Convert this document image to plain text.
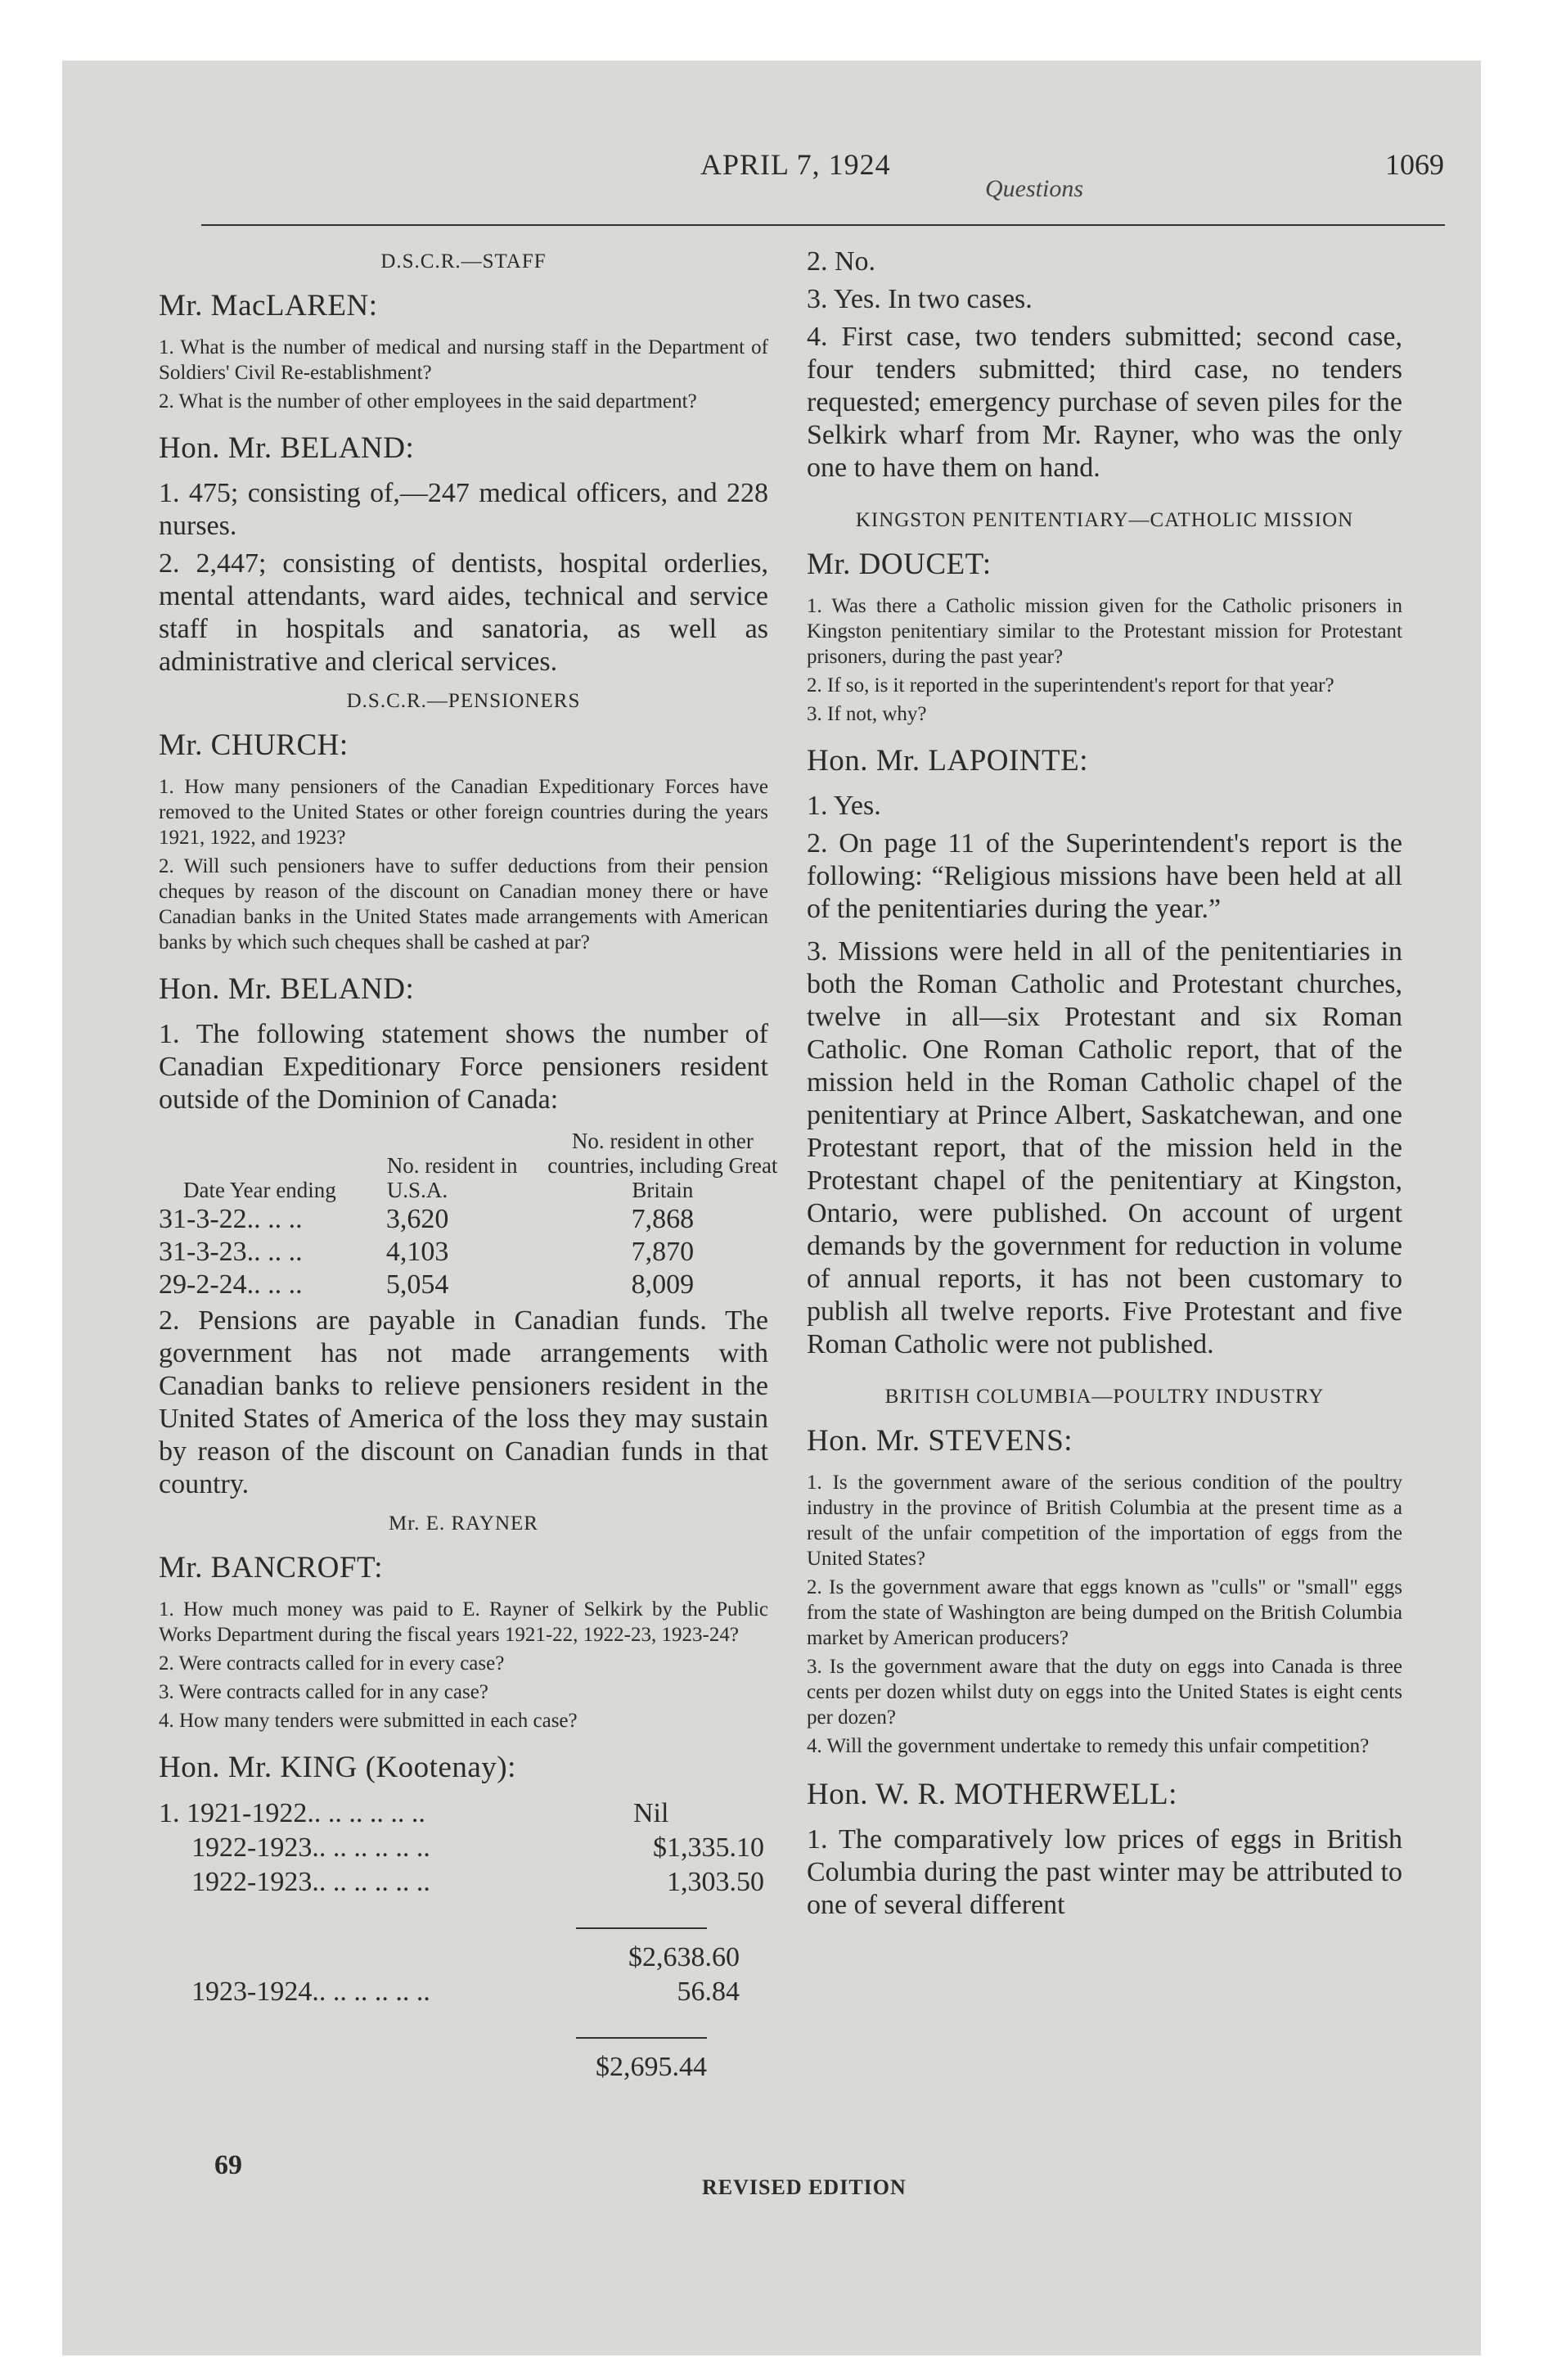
APRIL 7, 1924
Questions
1069
D.S.C.R.—STAFF
Mr. MacLAREN:

1. What is the number of medical and nursing staff in the Department of Soldiers' Civil Re-establishment?

2. What is the number of other employees in the said department?

Hon. Mr. BELAND:

1. 475; consisting of,—247 medical officers, and 228 nurses.

2. 2,447; consisting of dentists, hospital orderlies, mental attendants, ward aides, technical and service staff in hospitals and sanatoria, as well as administrative and clerical services.

D.S.C.R.—PENSIONERS
Mr. CHURCH:

1. How many pensioners of the Canadian Expeditionary Forces have removed to the United States or other foreign countries during the years 1921, 1922, and 1923?

2. Will such pensioners have to suffer deductions from their pension cheques by reason of the discount on Canadian money there or have Canadian banks in the United States made arrangements with American banks by which such cheques shall be cashed at par?

Hon. Mr. BELAND:

1. The following statement shows the number of Canadian Expeditionary Force pensioners resident outside of the Dominion of Canada:

Date Year ending	No. resident in U.S.A.	No. resident in other countries, including Great Britain
31-3-22.. .. ..	3,620	7,868
31-3-23.. .. ..	4,103	7,870
29-2-24.. .. ..	5,054	8,009

2. Pensions are payable in Canadian funds. The government has not made arrangements with Canadian banks to relieve pensioners resident in the United States of America of the loss they may sustain by reason of the discount on Canadian funds in that country.

Mr. E. RAYNER
Mr. BANCROFT:

1. How much money was paid to E. Rayner of Selkirk by the Public Works Department during the fiscal years 1921-22, 1922-23, 1923-24?

2. Were contracts called for in every case?

3. Were contracts called for in any case?

4. How many tenders were submitted in each case?

Hon. Mr. KING (Kootenay):
1. 1921-1922.. .. .. .. .. ..	Nil
1922-1923.. .. .. .. .. ..	$1,335.10
1922-1923.. .. .. .. .. ..	1,303.50
	$2,638.60
1923-1924.. .. .. .. .. ..	56.84
	$2,695.44

2. No.

3. Yes. In two cases.

4. First case, two tenders submitted; second case, four tenders submitted; third case, no tenders requested; emergency purchase of seven piles for the Selkirk wharf from Mr. Rayner, who was the only one to have them on hand.

KINGSTON PENITENTIARY—CATHOLIC MISSION
Mr. DOUCET:

1. Was there a Catholic mission given for the Catholic prisoners in Kingston penitentiary similar to the Protestant mission for Protestant prisoners, during the past year?

2. If so, is it reported in the superintendent's report for that year?

3. If not, why?

Hon. Mr. LAPOINTE:

1. Yes.

2. On page 11 of the Superintendent's report is the following: “Religious missions have been held at all of the penitentiaries during the year.”

3. Missions were held in all of the penitentiaries in both the Roman Catholic and Protestant churches, twelve in all—six Protestant and six Roman Catholic. One Roman Catholic report, that of the mission held in the Roman Catholic chapel of the penitentiary at Prince Albert, Saskatchewan, and one Protestant report, that of the mission held in the Protestant chapel of the penitentiary at Kingston, Ontario, were published. On account of urgent demands by the government for reduction in volume of annual reports, it has not been customary to publish all twelve reports. Five Protestant and five Roman Catholic were not published.

BRITISH COLUMBIA—POULTRY INDUSTRY
Hon. Mr. STEVENS:

1. Is the government aware of the serious condition of the poultry industry in the province of British Columbia at the present time as a result of the unfair competition of the importation of eggs from the United States?

2. Is the government aware that eggs known as "culls" or "small" eggs from the state of Washington are being dumped on the British Columbia market by American producers?

3. Is the government aware that the duty on eggs into Canada is three cents per dozen whilst duty on eggs into the United States is eight cents per dozen?

4. Will the government undertake to remedy this unfair competition?

Hon. W. R. MOTHERWELL:

1. The comparatively low prices of eggs in British Columbia during the past winter may be attributed to one of several different

69
REVISED EDITION
